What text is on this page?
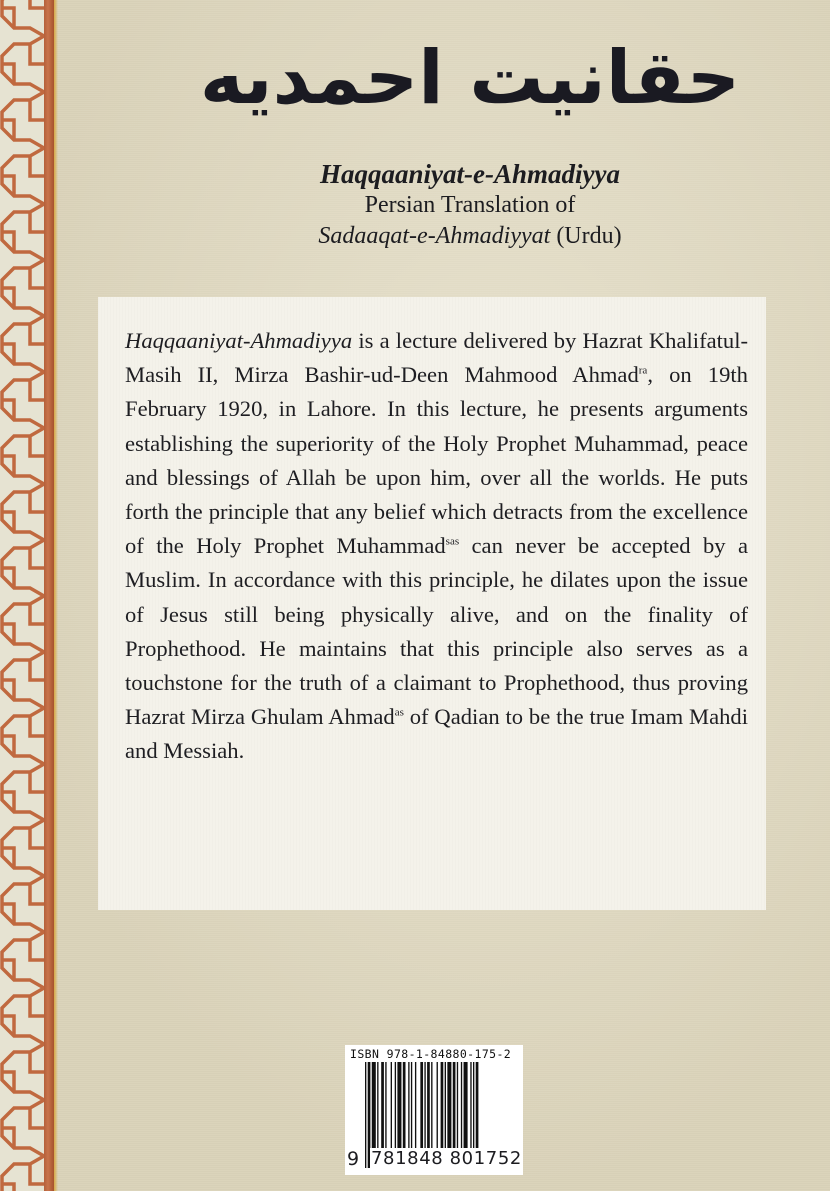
حقانیت احمدیه
Haqqaaniyat-e-Ahmadiyya
Persian Translation of
Sadaaqat-e-Ahmadiyyat (Urdu)

Haqqaaniyat-Ahmadiyya is a lecture delivered by Hazrat Khalifatul-Masih II, Mirza Bashir-ud-Deen Mahmood Ahmad$^{ra}$, on 19th February 1920, in Lahore. In this lecture, he presents arguments establishing the superiority of the Holy Prophet Muhammad, peace and blessings of Allah be upon him, over all the worlds. He puts forth the principle that any belief which detracts from the excellence of the Holy Prophet Muhammad$^{sas}$ can never be accepted by a Muslim. In accordance with this principle, he dilates upon the issue of Jesus still being physically alive, and on the finality of Prophethood. He maintains that this principle also serves as a touchstone for the truth of a claimant to Prophethood, thus proving Hazrat Mirza Ghulam Ahmad$^{as}$ of Qadian to be the true Imam Mahdi and Messiah.

ISBN 978-1-84880-175-2
9 781848 801752
